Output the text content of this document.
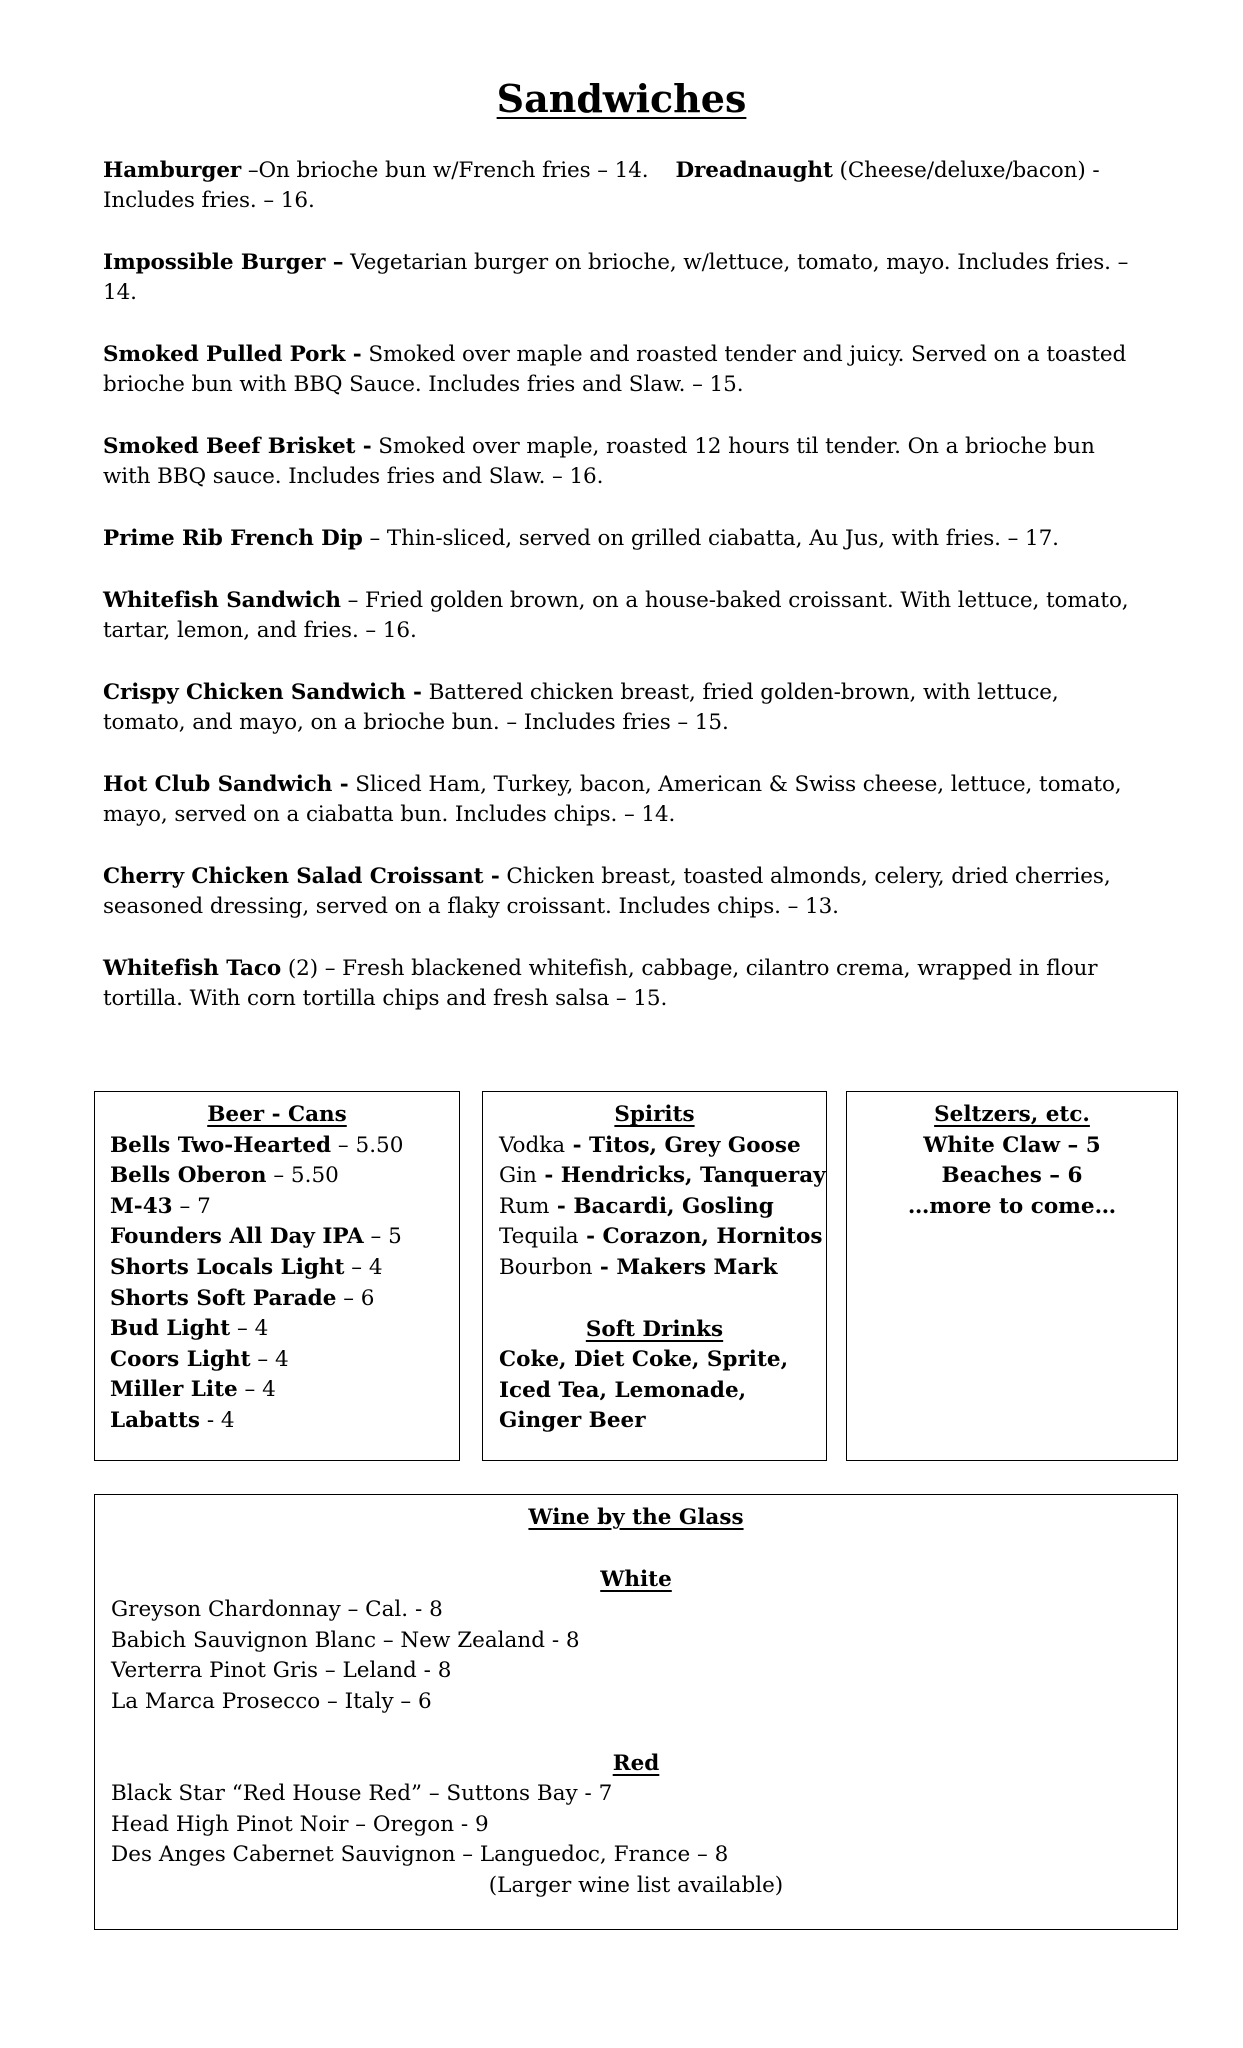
Sandwiches
Hamburger –On brioche bun w/French fries – 14.    Dreadnaught (Cheese/deluxe/bacon) - Includes fries. – 16.
Impossible Burger – Vegetarian burger on brioche, w/lettuce, tomato, mayo. Includes fries. – 14.
Smoked Pulled Pork - Smoked over maple and roasted tender and juicy. Served on a toasted brioche bun with BBQ Sauce. Includes fries and Slaw. – 15.
Smoked Beef Brisket - Smoked over maple, roasted 12 hours til tender. On a brioche bun with BBQ sauce. Includes fries and Slaw. – 16.
Prime Rib French Dip – Thin-sliced, served on grilled ciabatta, Au Jus, with fries. – 17.
Whitefish Sandwich – Fried golden brown, on a house-baked croissant. With lettuce, tomato, tartar, lemon, and fries. – 16.
Crispy Chicken Sandwich - Battered chicken breast, fried golden-brown, with lettuce, tomato, and mayo, on a brioche bun. – Includes fries – 15.
Hot Club Sandwich - Sliced Ham, Turkey, bacon, American & Swiss cheese, lettuce, tomato, mayo, served on a ciabatta bun. Includes chips. – 14.
Cherry Chicken Salad Croissant - Chicken breast, toasted almonds, celery, dried cherries, seasoned dressing, served on a flaky croissant. Includes chips. – 13.
Whitefish Taco (2) – Fresh blackened whitefish, cabbage, cilantro crema, wrapped in flour tortilla. With corn tortilla chips and fresh salsa – 15.
Beer - Cans
Bells Two-Hearted – 5.50
Bells Oberon – 5.50
M-43 – 7
Founders All Day IPA – 5
Shorts Locals Light – 4
Shorts Soft Parade – 6
Bud Light – 4
Coors Light – 4
Miller Lite – 4
Labatts - 4
Spirits
Vodka - Titos, Grey Goose
Gin - Hendricks, Tanqueray
Rum - Bacardi, Gosling
Tequila - Corazon, Hornitos
Bourbon - Makers Mark
Soft Drinks
Coke, Diet Coke, Sprite, Iced Tea, Lemonade, Ginger Beer
Seltzers, etc.
White Claw – 5
Beaches – 6
…more to come…
Wine by the Glass
White
Greyson Chardonnay – Cal. - 8
Babich Sauvignon Blanc – New Zealand - 8
Verterra Pinot Gris – Leland - 8
La Marca Prosecco – Italy – 6
Red
Black Star “Red House Red” – Suttons Bay - 7
Head High Pinot Noir – Oregon - 9
Des Anges Cabernet Sauvignon – Languedoc, France – 8
(Larger wine list available)
